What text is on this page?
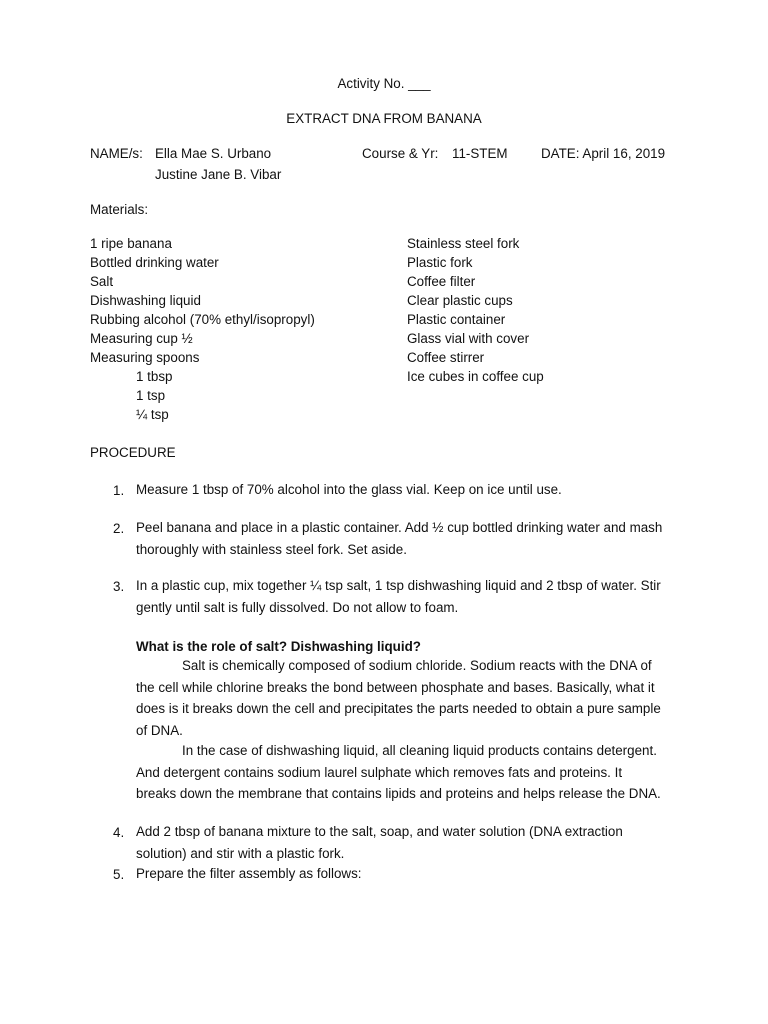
Activity No. ___
EXTRACT DNA FROM BANANA
NAME/s: Ella Mae S. Urbano
Justine Jane B. Vibar
Course & Yr: 11-STEM DATE: April 16, 2019
Materials:
1 ripe banana
Bottled drinking water
Salt
Dishwashing liquid
Rubbing alcohol (70% ethyl/isopropyl)
Measuring cup ½
Measuring spoons
1 tbsp
1 tsp
¼ tsp
Stainless steel fork
Plastic fork
Coffee filter
Clear plastic cups
Plastic container
Glass vial with cover
Coffee stirrer
Ice cubes in coffee cup
PROCEDURE
1. Measure 1 tbsp of 70% alcohol into the glass vial. Keep on ice until use.
2. Peel banana and place in a plastic container. Add ½ cup bottled drinking water and mash
thoroughly with stainless steel fork. Set aside.
3. In a plastic cup, mix together ¼ tsp salt, 1 tsp dishwashing liquid and 2 tbsp of water. Stir
gently until salt is fully dissolved. Do not allow to foam.
What is the role of salt? Dishwashing liquid?
Salt is chemically composed of sodium chloride. Sodium reacts with the DNA of
the cell while chlorine breaks the bond between phosphate and bases. Basically, what it
does is it breaks down the cell and precipitates the parts needed to obtain a pure sample
of DNA.
In the case of dishwashing liquid, all cleaning liquid products contains detergent.
And detergent contains sodium laurel sulphate which removes fats and proteins. It
breaks down the membrane that contains lipids and proteins and helps release the DNA.
4. Add 2 tbsp of banana mixture to the salt, soap, and water solution (DNA extraction
solution) and stir with a plastic fork.
5. Prepare the filter assembly as follows:
